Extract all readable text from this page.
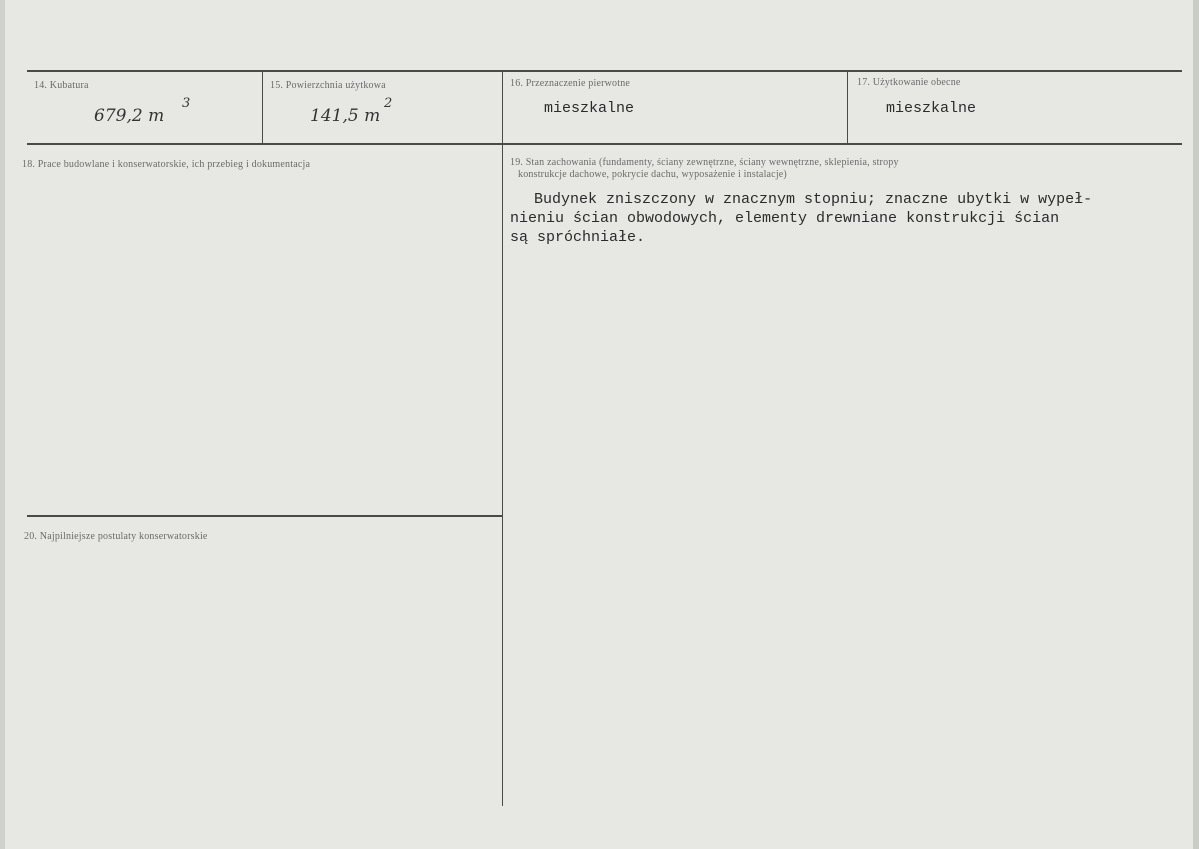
14. Kubatura
679,2 m
3
15. Powierzchnia użytkowa
141,5 m
2
16. Przeznaczenie pierwotne
mieszkalne
17. Użytkowanie obecne
mieszkalne
18. Prace budowlane i konserwatorskie, ich przebieg i dokumentacja	19. Stan zachowania (fundamenty, ściany zewnętrzne, ściany wewnętrzne, sklepienia, stropy
konstrukcje dachowe, pokrycie dachu, wyposażenie i instalacje)
Budynek zniszczony w znacznym stopniu; znaczne ubytki w wypeł-
nieniu ścian obwodowych, elementy drewniane konstrukcji ścian
są spróchniałe.
20. Najpilniejsze postulaty konserwatorskie
